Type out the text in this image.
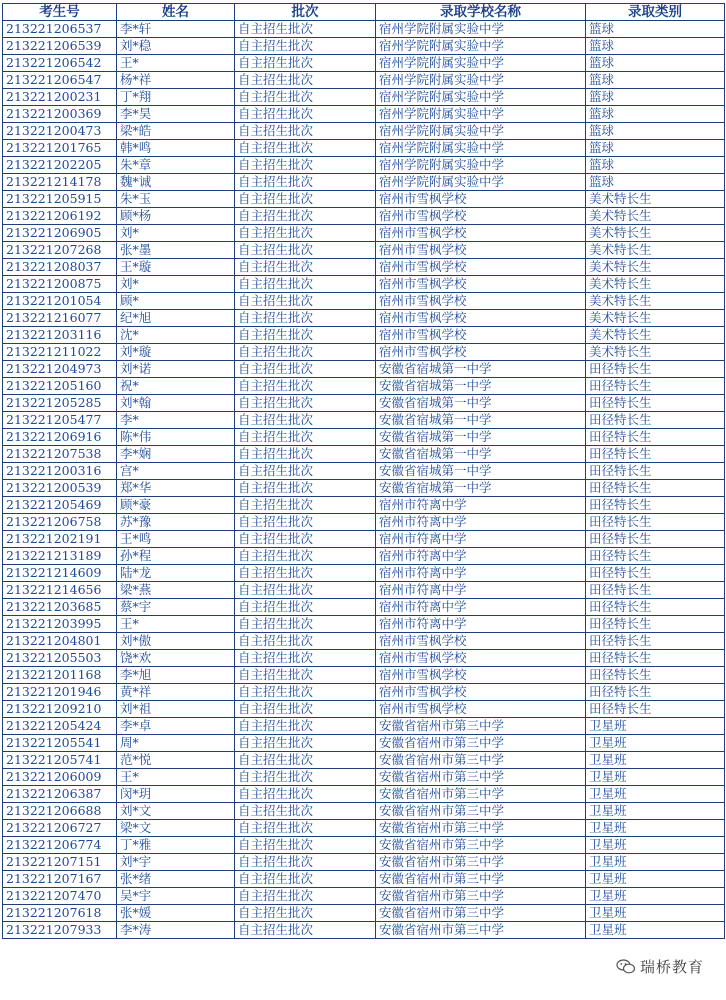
考生号	姓名	批次	录取学校名称	录取类别
213221206537	李*轩	自主招生批次	宿州学院附属实验中学	篮球
213221206539	刘*稳	自主招生批次	宿州学院附属实验中学	篮球
213221206542	王*	自主招生批次	宿州学院附属实验中学	篮球
213221206547	杨*祥	自主招生批次	宿州学院附属实验中学	篮球
213221200231	丁*翔	自主招生批次	宿州学院附属实验中学	篮球
213221200369	李*昊	自主招生批次	宿州学院附属实验中学	篮球
213221200473	梁*皓	自主招生批次	宿州学院附属实验中学	篮球
213221201765	韩*鸣	自主招生批次	宿州学院附属实验中学	篮球
213221202205	朱*章	自主招生批次	宿州学院附属实验中学	篮球
213221214178	魏*诚	自主招生批次	宿州学院附属实验中学	篮球
213221205915	朱*玉	自主招生批次	宿州市雪枫学校	美术特长生
213221206192	顾*杨	自主招生批次	宿州市雪枫学校	美术特长生
213221206905	刘*	自主招生批次	宿州市雪枫学校	美术特长生
213221207268	张*墨	自主招生批次	宿州市雪枫学校	美术特长生
213221208037	王*璇	自主招生批次	宿州市雪枫学校	美术特长生
213221200875	刘*	自主招生批次	宿州市雪枫学校	美术特长生
213221201054	顾*	自主招生批次	宿州市雪枫学校	美术特长生
213221216077	纪*旭	自主招生批次	宿州市雪枫学校	美术特长生
213221203116	沈*	自主招生批次	宿州市雪枫学校	美术特长生
213221211022	刘*璇	自主招生批次	宿州市雪枫学校	美术特长生
213221204973	刘*诺	自主招生批次	安徽省宿城第一中学	田径特长生
213221205160	祝*	自主招生批次	安徽省宿城第一中学	田径特长生
213221205285	刘*翰	自主招生批次	安徽省宿城第一中学	田径特长生
213221205477	李*	自主招生批次	安徽省宿城第一中学	田径特长生
213221206916	陈*伟	自主招生批次	安徽省宿城第一中学	田径特长生
213221207538	李*娴	自主招生批次	安徽省宿城第一中学	田径特长生
213221200316	宫*	自主招生批次	安徽省宿城第一中学	田径特长生
213221200539	郑*华	自主招生批次	安徽省宿城第一中学	田径特长生
213221205469	顾*豪	自主招生批次	宿州市符离中学	田径特长生
213221206758	苏*豫	自主招生批次	宿州市符离中学	田径特长生
213221202191	王*鸣	自主招生批次	宿州市符离中学	田径特长生
213221213189	孙*程	自主招生批次	宿州市符离中学	田径特长生
213221214609	陆*龙	自主招生批次	宿州市符离中学	田径特长生
213221214656	梁*燕	自主招生批次	宿州市符离中学	田径特长生
213221203685	蔡*宇	自主招生批次	宿州市符离中学	田径特长生
213221203995	王*	自主招生批次	宿州市符离中学	田径特长生
213221204801	刘*傲	自主招生批次	宿州市雪枫学校	田径特长生
213221205503	饶*欢	自主招生批次	宿州市雪枫学校	田径特长生
213221201168	李*旭	自主招生批次	宿州市雪枫学校	田径特长生
213221201946	黄*祥	自主招生批次	宿州市雪枫学校	田径特长生
213221209210	刘*祖	自主招生批次	宿州市雪枫学校	田径特长生
213221205424	李*卓	自主招生批次	安徽省宿州市第三中学	卫星班
213221205541	周*	自主招生批次	安徽省宿州市第三中学	卫星班
213221205741	范*悦	自主招生批次	安徽省宿州市第三中学	卫星班
213221206009	王*	自主招生批次	安徽省宿州市第三中学	卫星班
213221206387	闵*玥	自主招生批次	安徽省宿州市第三中学	卫星班
213221206688	刘*文	自主招生批次	安徽省宿州市第三中学	卫星班
213221206727	梁*文	自主招生批次	安徽省宿州市第三中学	卫星班
213221206774	丁*雅	自主招生批次	安徽省宿州市第三中学	卫星班
213221207151	刘*宇	自主招生批次	安徽省宿州市第三中学	卫星班
213221207167	张*绪	自主招生批次	安徽省宿州市第三中学	卫星班
213221207470	吴*宇	自主招生批次	安徽省宿州市第三中学	卫星班
213221207618	张*媛	自主招生批次	安徽省宿州市第三中学	卫星班
213221207933	李*涛	自主招生批次	安徽省宿州市第三中学	卫星班
瑞桥教育
